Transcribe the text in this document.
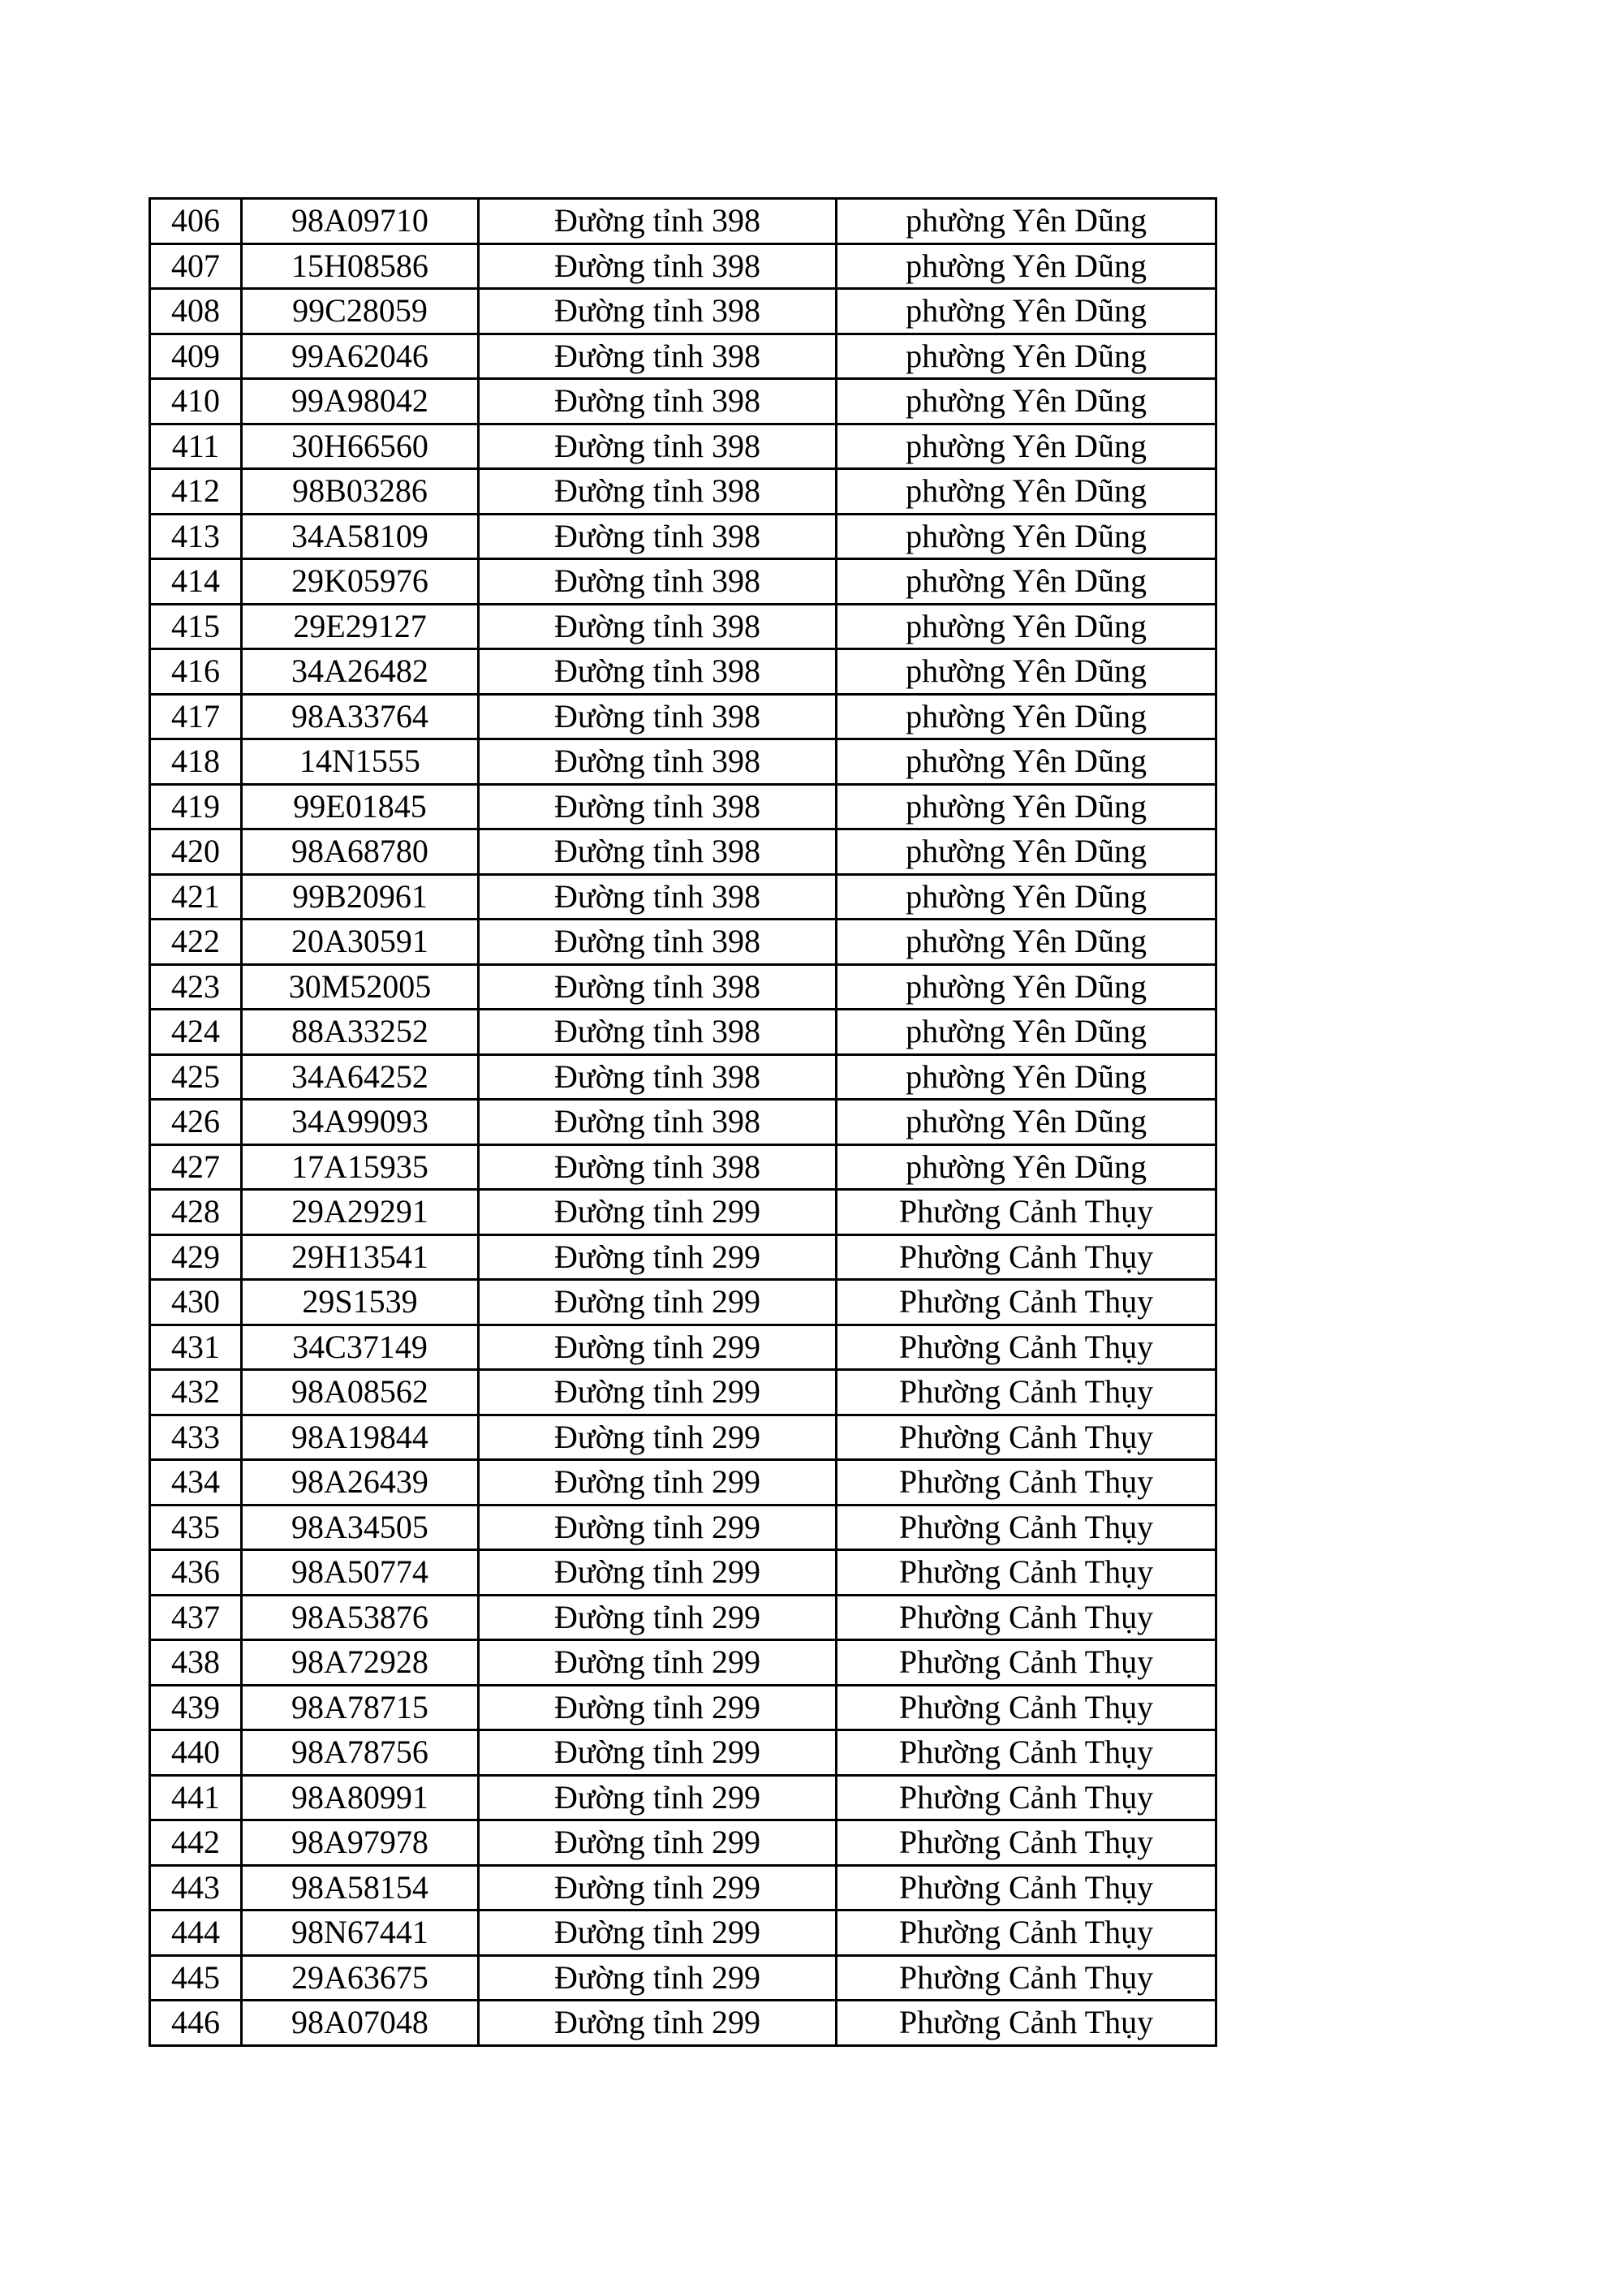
406	98A09710	Đường tỉnh 398	phường Yên Dũng
407	15H08586	Đường tỉnh 398	phường Yên Dũng
408	99C28059	Đường tỉnh 398	phường Yên Dũng
409	99A62046	Đường tỉnh 398	phường Yên Dũng
410	99A98042	Đường tỉnh 398	phường Yên Dũng
411	30H66560	Đường tỉnh 398	phường Yên Dũng
412	98B03286	Đường tỉnh 398	phường Yên Dũng
413	34A58109	Đường tỉnh 398	phường Yên Dũng
414	29K05976	Đường tỉnh 398	phường Yên Dũng
415	29E29127	Đường tỉnh 398	phường Yên Dũng
416	34A26482	Đường tỉnh 398	phường Yên Dũng
417	98A33764	Đường tỉnh 398	phường Yên Dũng
418	14N1555	Đường tỉnh 398	phường Yên Dũng
419	99E01845	Đường tỉnh 398	phường Yên Dũng
420	98A68780	Đường tỉnh 398	phường Yên Dũng
421	99B20961	Đường tỉnh 398	phường Yên Dũng
422	20A30591	Đường tỉnh 398	phường Yên Dũng
423	30M52005	Đường tỉnh 398	phường Yên Dũng
424	88A33252	Đường tỉnh 398	phường Yên Dũng
425	34A64252	Đường tỉnh 398	phường Yên Dũng
426	34A99093	Đường tỉnh 398	phường Yên Dũng
427	17A15935	Đường tỉnh 398	phường Yên Dũng
428	29A29291	Đường tỉnh 299	Phường Cảnh Thụy
429	29H13541	Đường tỉnh 299	Phường Cảnh Thụy
430	29S1539	Đường tỉnh 299	Phường Cảnh Thụy
431	34C37149	Đường tỉnh 299	Phường Cảnh Thụy
432	98A08562	Đường tỉnh 299	Phường Cảnh Thụy
433	98A19844	Đường tỉnh 299	Phường Cảnh Thụy
434	98A26439	Đường tỉnh 299	Phường Cảnh Thụy
435	98A34505	Đường tỉnh 299	Phường Cảnh Thụy
436	98A50774	Đường tỉnh 299	Phường Cảnh Thụy
437	98A53876	Đường tỉnh 299	Phường Cảnh Thụy
438	98A72928	Đường tỉnh 299	Phường Cảnh Thụy
439	98A78715	Đường tỉnh 299	Phường Cảnh Thụy
440	98A78756	Đường tỉnh 299	Phường Cảnh Thụy
441	98A80991	Đường tỉnh 299	Phường Cảnh Thụy
442	98A97978	Đường tỉnh 299	Phường Cảnh Thụy
443	98A58154	Đường tỉnh 299	Phường Cảnh Thụy
444	98N67441	Đường tỉnh 299	Phường Cảnh Thụy
445	29A63675	Đường tỉnh 299	Phường Cảnh Thụy
446	98A07048	Đường tỉnh 299	Phường Cảnh Thụy
